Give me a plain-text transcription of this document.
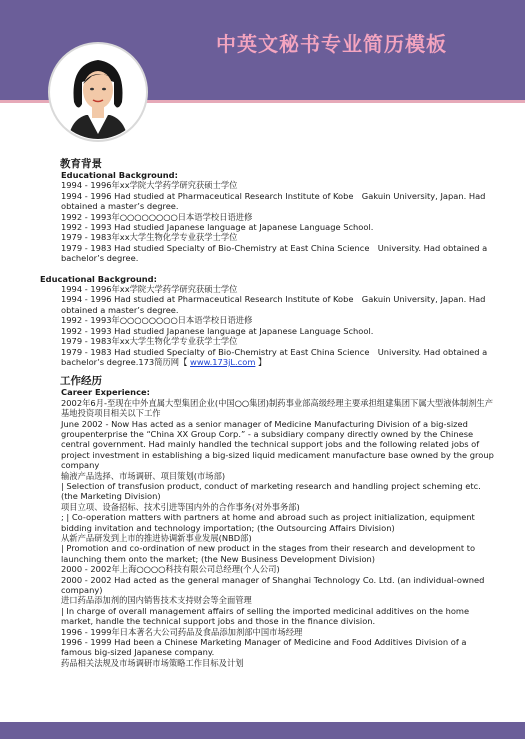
中英文秘书专业简历模板
教育背景
Educational Background:
1994 - 1996年xx学院大学药学研究获硕士学位
1994 - 1996 Had studied at Pharmaceutical Research Institute of Kobe　Gakuin University, Japan. Had obtained a master’s degree.
1992 - 1993年○○○○○○○○日本语学校日语进修
1992 - 1993 Had studied Japanese language at Japanese Language School.
1979 - 1983年xx大学生物化学专业获学士学位
1979 - 1983 Had studied Specialty of Bio-Chemistry at East China Science　University. Had obtained a bachelor’s degree.
Educational Background:
1994 - 1996年xx学院大学药学研究获硕士学位
1994 - 1996 Had studied at Pharmaceutical Research Institute of Kobe　Gakuin University, Japan. Had obtained a master’s degree.
1992 - 1993年○○○○○○○○日本语学校日语进修
1992 - 1993 Had studied Japanese language at Japanese Language School.
1979 - 1983年xx大学生物化学专业获学士学位
1979 - 1983 Had studied Specialty of Bio-Chemistry at East China Science　University. Had obtained a bachelor’s degree.173简历网【 www.173jL.com 】
工作经历
Career Experience:
2002年6月-至现在中外直属大型集团企业(中国○○集团)制药事业部高级经理主要承担组建集团下属大型液体制剂生产基地投资项目相关以下工作
June 2002 - Now Has acted as a senior manager of Medicine Manufacturing Division of a big-sized groupenterprise the “China XX Group Corp.” - a subsidiary company directly owned by the Chinese central government. Had mainly handled the technical support jobs and the following related jobs of project investment in establishing a big-sized liquid medicament manufacture base owned by the group company
输液产品选择、市场调研、项目策划(市场部)
| Selection of transfusion product, conduct of marketing research and handling project scheming etc. (the Marketing Division)
项目立项、设备招标、技术引进等国内外的合作事务(对外事务部)
; | Co-operation matters with partners at home and abroad such as project initialization, equipment bidding invitation and technology importation; (the Outsourcing Affairs Division)
从新产品研发到上市的推进协调新事业发展(NBD部)
| Promotion and co-ordination of new product in the stages from their research and development to launching them onto the market; (the New Business Development Division)
2000 - 2002年上海○○○○科技有限公司总经理(个人公司)
2000 - 2002 Had acted as the general manager of Shanghai Technology Co. Ltd. (an individual-owned company)
进口药品添加剂的国内销售技术支持财会等全面管理
| In charge of overall management affairs of selling the imported medicinal additives on the home market, handle the technical support jobs and those in the finance division.
1996 - 1999年日本著名大公司药品及食品添加剂部中国市场经理
1996 - 1999 Had been a Chinese Marketing Manager of Medicine and Food Additives Division of a famous big-sized Japanese company.
药品相关法规及市场调研市场策略工作目标及计划
